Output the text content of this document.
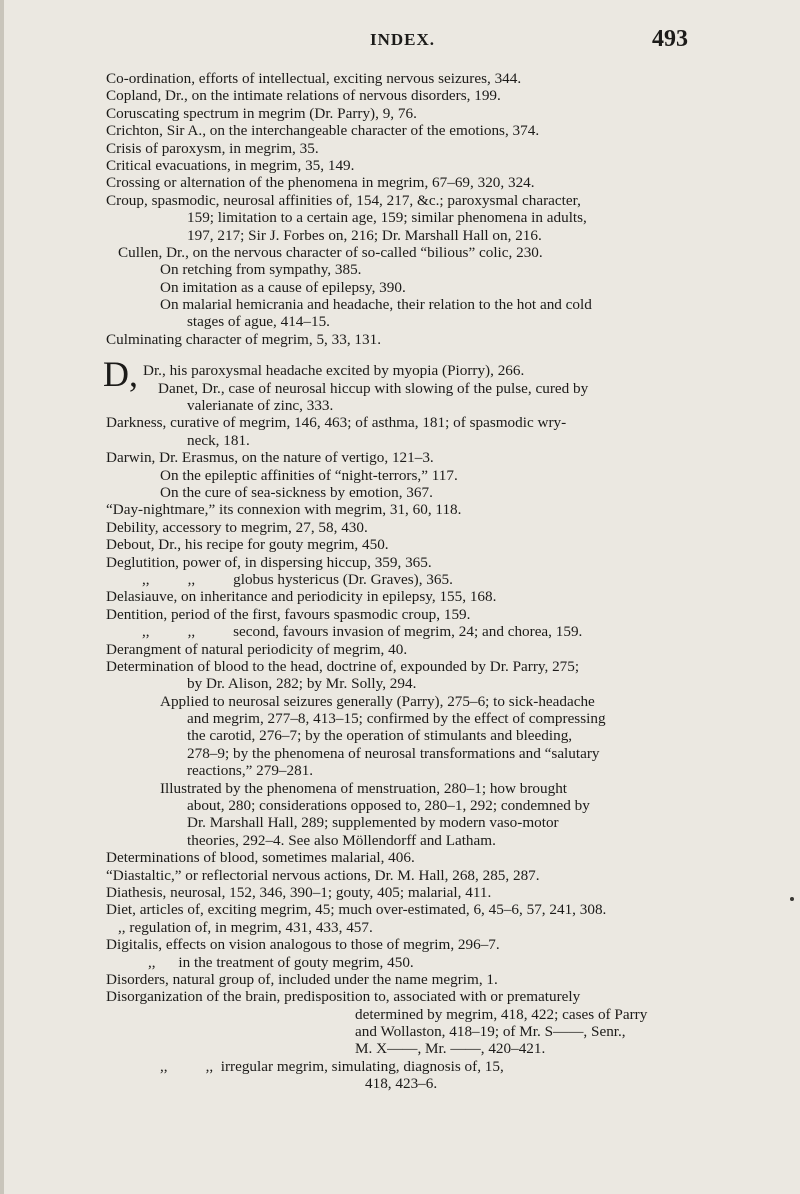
INDEX.	493
Co-ordination, efforts of intellectual, exciting nervous seizures, 344.
Copland, Dr., on the intimate relations of nervous disorders, 199.
Coruscating spectrum in megrim (Dr. Parry), 9, 76.
Crichton, Sir A., on the interchangeable character of the emotions, 374.
Crisis of paroxysm, in megrim, 35.
Critical evacuations, in megrim, 35, 149.
Crossing or alternation of the phenomena in megrim, 67–69, 320, 324.
Croup, spasmodic, neurosal affinities of, 154, 217, &c.; paroxysmal character,
159; limitation to a certain age, 159; similar phenomena in adults,
197, 217; Sir J. Forbes on, 216; Dr. Marshall Hall on, 216.
Cullen, Dr., on the nervous character of so-called “bilious” colic, 230.
On retching from sympathy, 385.
On imitation as a cause of epilepsy, 390.
On malarial hemicrania and headache, their relation to the hot and cold
stages of ague, 414–15.
Culminating character of megrim, 5, 33, 131.
D, Dr., his paroxysmal headache excited by myopia (Piorry), 266.
Danet, Dr., case of neurosal hiccup with slowing of the pulse, cured by
valerianate of zinc, 333.
Darkness, curative of megrim, 146, 463; of asthma, 181; of spasmodic wry-
neck, 181.
Darwin, Dr. Erasmus, on the nature of vertigo, 121–3.
On the epileptic affinities of “night-terrors,” 117.
On the cure of sea-sickness by emotion, 367.
“Day-nightmare,” its connexion with megrim, 31, 60, 118.
Debility, accessory to megrim, 27, 58, 430.
Debout, Dr., his recipe for gouty megrim, 450.
Deglutition, power of, in dispersing hiccup, 359, 365.
,,          ,,          globus hystericus (Dr. Graves), 365.
Delasiauve, on inheritance and periodicity in epilepsy, 155, 168.
Dentition, period of the first, favours spasmodic croup, 159.
,,          ,,          second, favours invasion of megrim, 24; and chorea, 159.
Derangment of natural periodicity of megrim, 40.
Determination of blood to the head, doctrine of, expounded by Dr. Parry, 275;
by Dr. Alison, 282; by Mr. Solly, 294.
Applied to neurosal seizures generally (Parry), 275–6; to sick-headache
and megrim, 277–8, 413–15; confirmed by the effect of compressing
the carotid, 276–7; by the operation of stimulants and bleeding,
278–9; by the phenomena of neurosal transformations and “salutary
reactions,” 279–281.
Illustrated by the phenomena of menstruation, 280–1; how brought
about, 280; considerations opposed to, 280–1, 292; condemned by
Dr. Marshall Hall, 289; supplemented by modern vaso-motor
theories, 292–4. See also Möllendorff and Latham.
Determinations of blood, sometimes malarial, 406.
“Diastaltic,” or reflectorial nervous actions, Dr. M. Hall, 268, 285, 287.
Diathesis, neurosal, 152, 346, 390–1; gouty, 405; malarial, 411.
Diet, articles of, exciting megrim, 45; much over-estimated, 6, 45–6, 57, 241, 308.
,, regulation of, in megrim, 431, 433, 457.
Digitalis, effects on vision analogous to those of megrim, 296–7.
,,      in the treatment of gouty megrim, 450.
Disorders, natural group of, included under the name megrim, 1.
Disorganization of the brain, predisposition to, associated with or prematurely
determined by megrim, 418, 422; cases of Parry
and Wollaston, 418–19; of Mr. S——, Senr.,
M. X——, Mr. ——, 420–421.
,,          ,,  irregular megrim, simulating, diagnosis of, 15,
418, 423–6.
